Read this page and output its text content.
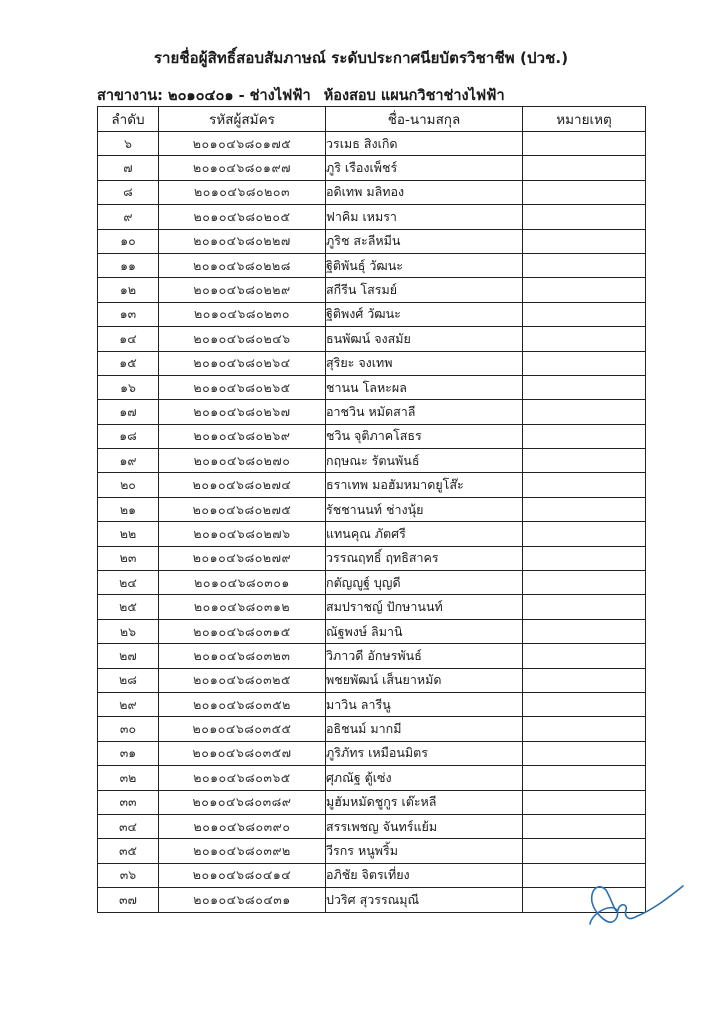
รายชื่อผู้สิทธิ์สอบสัมภาษณ์ ระดับประกาศนียบัตรวิชาชีพ (ปวช.)
สาขางาน: ๒๐๑๐๔๐๑ - ช่างไฟฟ้า ห้องสอบ แผนกวิชาช่างไฟฟ้า
ลำดับ	รหัสผู้สมัคร	ชื่อ-นามสกุล	หมายเหตุ
๖	๒๐๑๐๔๖๘๐๑๗๕	วรเมธ สิงเกิด	
๗	๒๐๑๐๔๖๘๐๑๙๗	ภูริ เรืองเพ็ชร์	
๘	๒๐๑๐๔๖๘๐๒๐๓	อดิเทพ มลิทอง	
๙	๒๐๑๐๔๖๘๐๒๐๕	ฟาคิม เหมรา	
๑๐	๒๐๑๐๔๖๘๐๒๒๗	ภูริช สะลีหมีน	
๑๑	๒๐๑๐๔๖๘๐๒๒๘	ฐิติพันธุ์ วัฒนะ	
๑๒	๒๐๑๐๔๖๘๐๒๒๙	สกีรีน โสรมย์	
๑๓	๒๐๑๐๔๖๘๐๒๓๐	ฐิติพงศ์ วัฒนะ	
๑๔	๒๐๑๐๔๖๘๐๒๔๖	ธนพัฒน์ จงสมัย	
๑๕	๒๐๑๐๔๖๘๐๒๖๔	สุริยะ จงเทพ	
๑๖	๒๐๑๐๔๖๘๐๒๖๕	ชานน โลหะผล	
๑๗	๒๐๑๐๔๖๘๐๒๖๗	อาชวิน หมัดสาลี	
๑๘	๒๐๑๐๔๖๘๐๒๖๙	ชวิน จุติภาคโสธร	
๑๙	๒๐๑๐๔๖๘๐๒๗๐	กฤษณะ รัตนพันธ์	
๒๐	๒๐๑๐๔๖๘๐๒๗๔	ธราเทพ มอฮัมหมาดยูโส๊ะ	
๒๑	๒๐๑๐๔๖๘๐๒๗๕	รัชชานนท์ ช่างนุ้ย	
๒๒	๒๐๑๐๔๖๘๐๒๗๖	แทนคุณ ภัตศรี	
๒๓	๒๐๑๐๔๖๘๐๒๗๙	วรรณฤทธิ์ ฤทธิสาคร	
๒๔	๒๐๑๐๔๖๘๐๓๐๑	กตัญญูฐ์ บุญดี	
๒๕	๒๐๑๐๔๖๘๐๓๑๒	สมปราชญ์ ปักษานนท์	
๒๖	๒๐๑๐๔๖๘๐๓๑๕	ณัฐพงษ์ ลิมานิ	
๒๗	๒๐๑๐๔๖๘๐๓๒๓	วิภาวดี อักษรพันธ์	
๒๘	๒๐๑๐๔๖๘๐๓๒๕	พชยพัฒน์ เส็นยาหมัด	
๒๙	๒๐๑๐๔๖๘๐๓๕๒	มาวิน ลารีนู	
๓๐	๒๐๑๐๔๖๘๐๓๕๕	อธิชนม์ มากมี	
๓๑	๒๐๑๐๔๖๘๐๓๕๗	ภูริภัทร เหมือนมิตร	
๓๒	๒๐๑๐๔๖๘๐๓๖๕	ศุภณัฐ ตู้เซ่ง	
๓๓	๒๐๑๐๔๖๘๐๓๘๙	มูฮัมหมัดชูกูร เต๊ะหลี	
๓๔	๒๐๑๐๔๖๘๐๓๙๐	สรรเพชญ จันทร์แย้ม	
๓๕	๒๐๑๐๔๖๘๐๓๙๒	วีรกร หนูพริ้ม	
๓๖	๒๐๑๐๔๖๘๐๔๑๔	อภิชัย จิตรเที่ยง	
๓๗	๒๐๑๐๔๖๘๐๔๓๑	ปวริศ สุวรรณมุณี	
